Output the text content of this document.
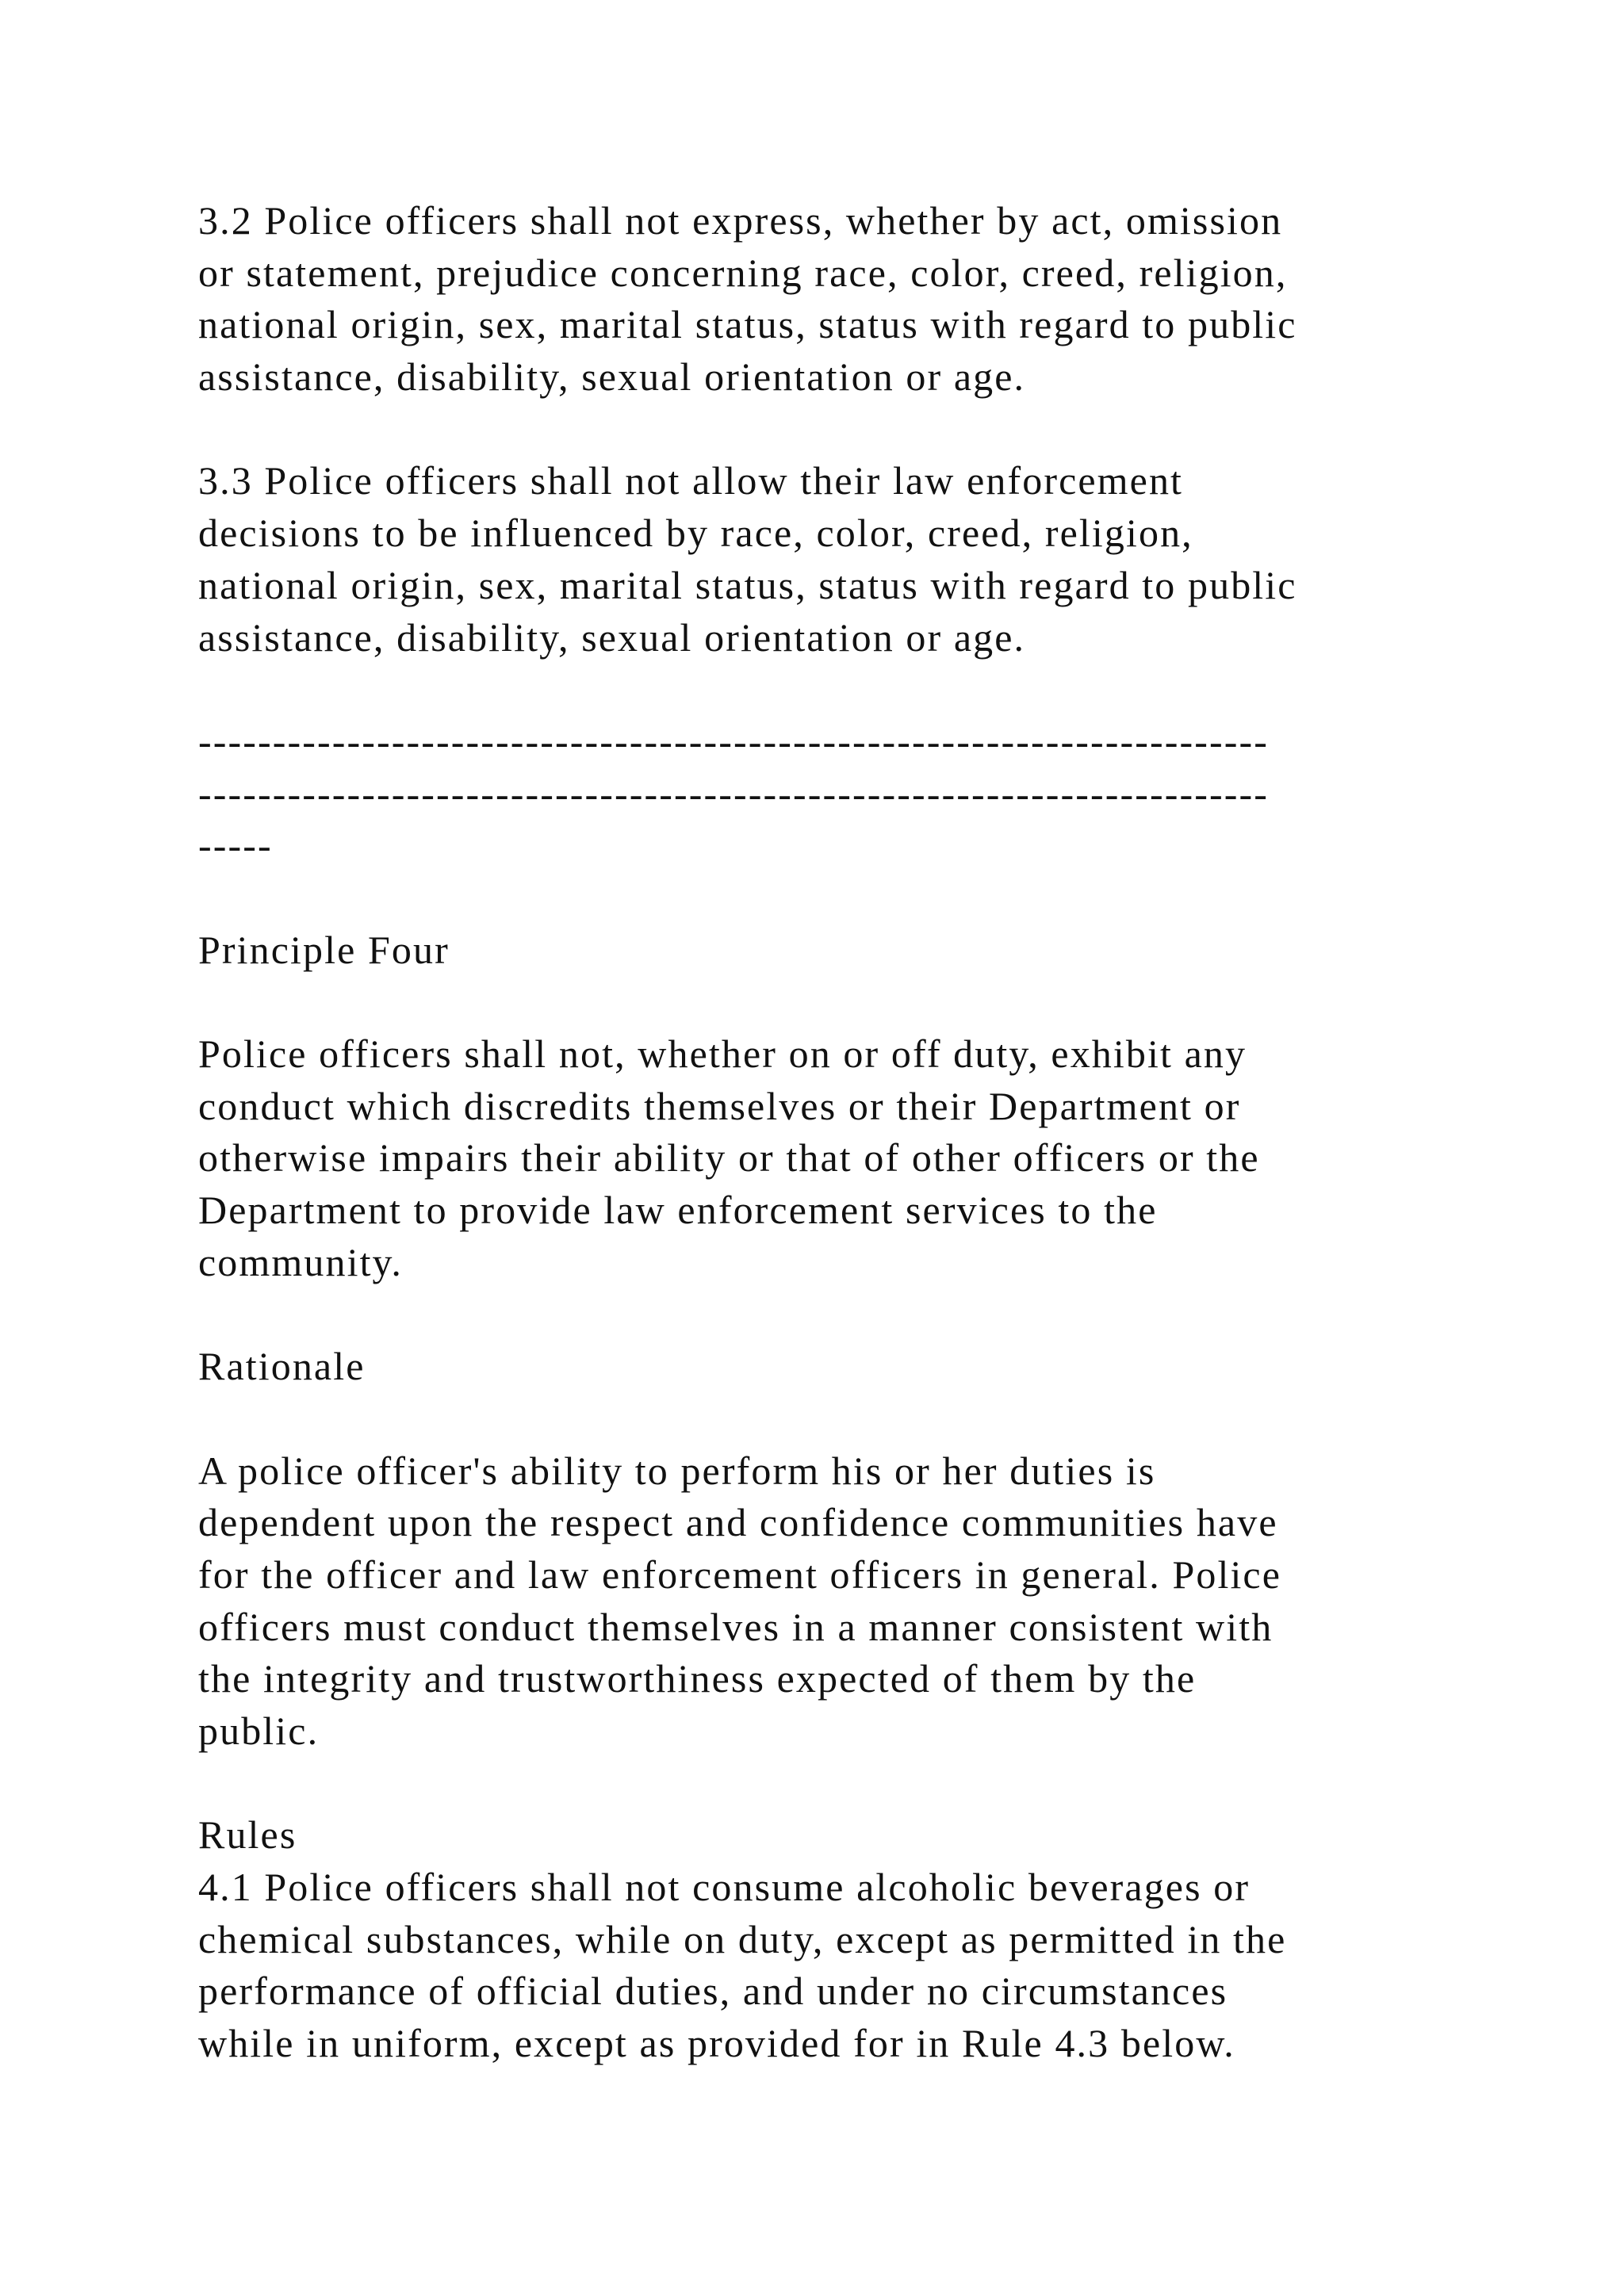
3.2 Police officers shall not express, whether by act, omission
or statement, prejudice concerning race, color, creed, religion,
national origin, sex, marital status, status with regard to public
assistance, disability, sexual orientation or age.
3.3 Police officers shall not allow their law enforcement
decisions to be influenced by race, color, creed, religion,
national origin, sex, marital status, status with regard to public
assistance, disability, sexual orientation or age.
------------------------------------------------------------------------
------------------------------------------------------------------------
-----
Principle Four
Police officers shall not, whether on or off duty, exhibit any
conduct which discredits themselves or their Department or
otherwise impairs their ability or that of other officers or the
Department to provide law enforcement services to the
community.
Rationale
A police officer's ability to perform his or her duties is
dependent upon the respect and confidence communities have
for the officer and law enforcement officers in general. Police
officers must conduct themselves in a manner consistent with
the integrity and trustworthiness expected of them by the
public.
Rules
4.1 Police officers shall not consume alcoholic beverages or
chemical substances, while on duty, except as permitted in the
performance of official duties, and under no circumstances
while in uniform, except as provided for in Rule 4.3 below.
